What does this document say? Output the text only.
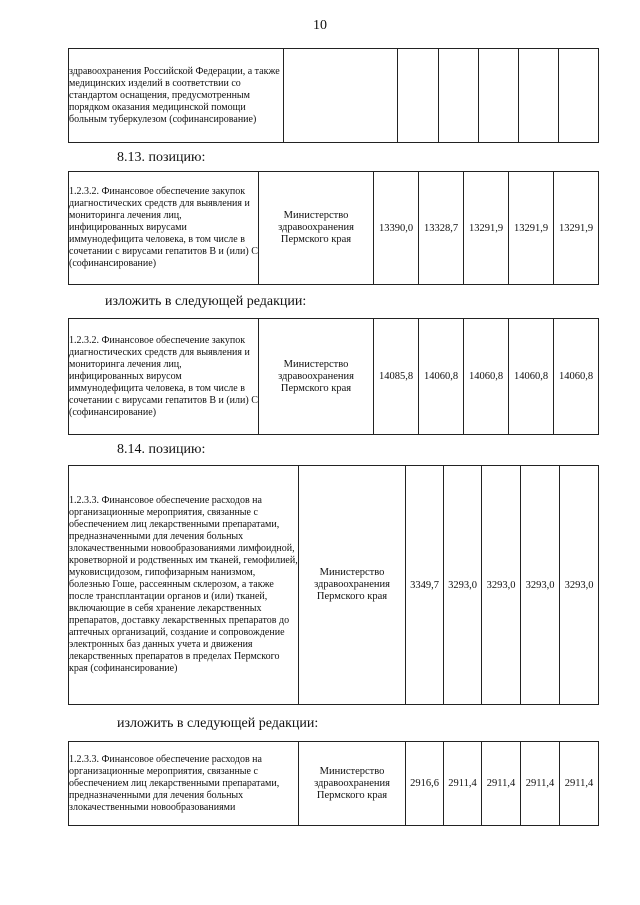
10
здравоохранения Российской Федерации, а также медицинских изделий в соответствии со стандартом оснащения, предусмотренным порядком оказания медицинской помощи больным туберкулезом (софинансирование)						
8.13. позицию:
1.2.3.2. Финансовое обеспечение закупок диагностических средств для выявления и мониторинга лечения лиц, инфицированных вирусами иммунодефицита человека, в том числе в сочетании с вирусами гепатитов В и (или) С (софинансирование)	Министерство здравоохранения Пермского края	13390,0	13328,7	13291,9	13291,9	13291,9
изложить в следующей редакции:
1.2.3.2. Финансовое обеспечение закупок диагностических средств для выявления и мониторинга лечения лиц, инфицированных вирусом иммунодефицита человека, в том числе в сочетании с вирусами гепатитов В и (или) С (софинансирование)	Министерство здравоохранения Пермского края	14085,8	14060,8	14060,8	14060,8	14060,8
8.14. позицию:
1.2.3.3. Финансовое обеспечение расходов на организационные мероприятия, связанные с обеспечением лиц лекарственными препаратами, предназначенными для лечения больных злокачественными новообразованиями лимфоидной, кроветворной и родственных им тканей, гемофилией, муковисцидозом, гипофизарным нанизмом, болезнью Гоше, рассеянным склерозом, а также после трансплантации органов и (или) тканей, включающие в себя хранение лекарственных препаратов, доставку лекарственных препаратов до аптечных организаций, создание и сопровождение электронных баз данных учета и движения лекарственных препаратов в пределах Пермского края (софинансирование)	Министерство здравоохранения Пермского края	3349,7	3293,0	3293,0	3293,0	3293,0
изложить в следующей редакции:
1.2.3.3. Финансовое обеспечение расходов на организационные мероприятия, связанные с обеспечением лиц лекарственными препаратами, предназначенными для лечения больных злокачественными новообразованиями	Министерство здравоохранения Пермского края	2916,6	2911,4	2911,4	2911,4	2911,4
